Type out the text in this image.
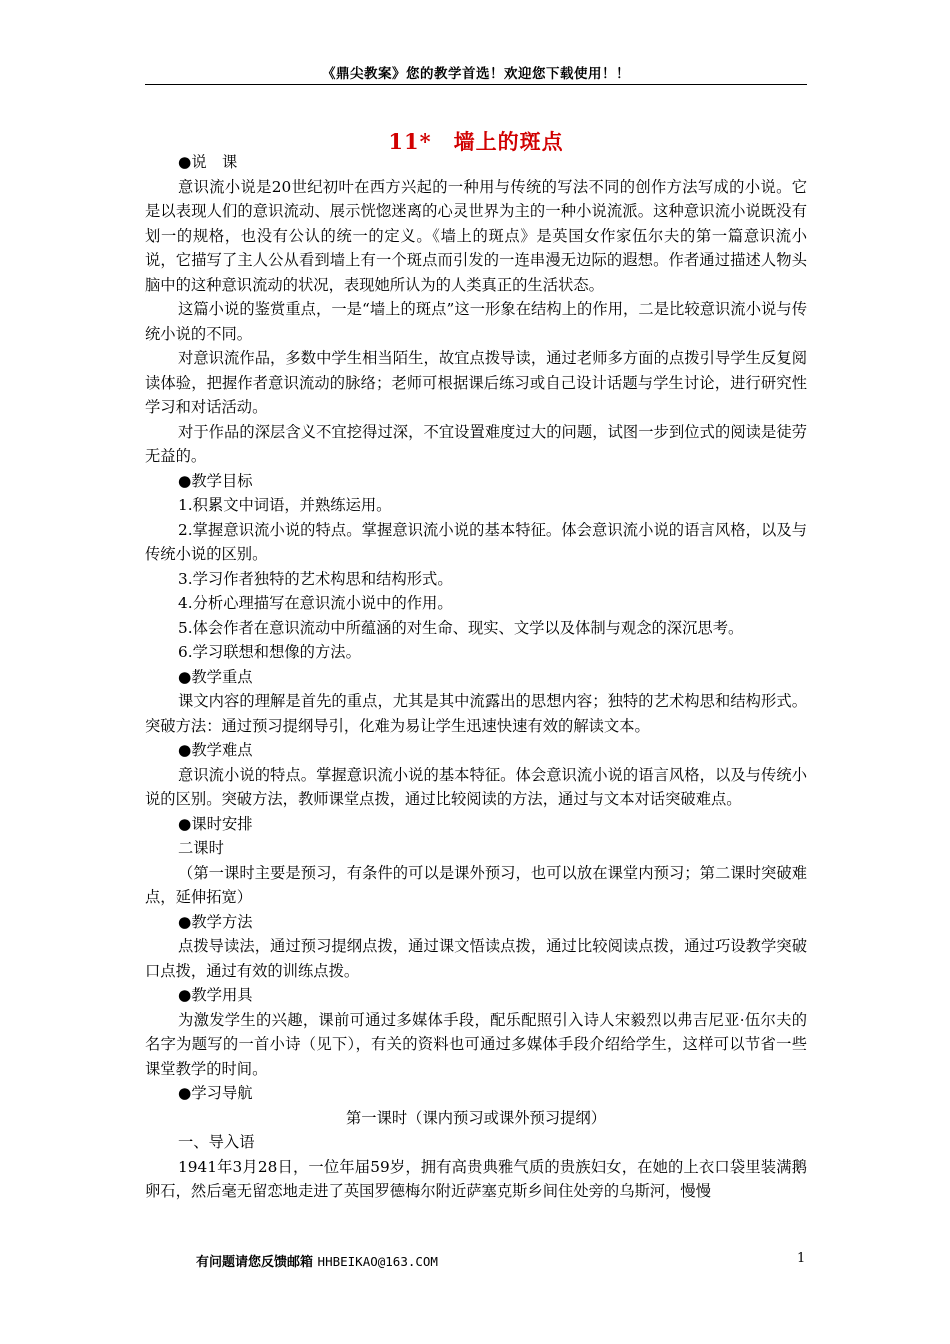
《鼎尖教案》您的教学首选！欢迎您下载使用！！
11*　墙上的斑点

●说　课

意识流小说是20世纪初叶在西方兴起的一种用与传统的写法不同的创作方法写成的小说。它是以表现人们的意识流动、展示恍惚迷离的心灵世界为主的一种小说流派。这种意识流小说既没有划一的规格，也没有公认的统一的定义。《墙上的斑点》是英国女作家伍尔夫的第一篇意识流小说，它描写了主人公从看到墙上有一个斑点而引发的一连串漫无边际的遐想。作者通过描述人物头脑中的这种意识流动的状况，表现她所认为的人类真正的生活状态。

这篇小说的鉴赏重点，一是“墙上的斑点”这一形象在结构上的作用，二是比较意识流小说与传统小说的不同。

对意识流作品，多数中学生相当陌生，故宜点拨导读，通过老师多方面的点拨引导学生反复阅读体验，把握作者意识流动的脉络；老师可根据课后练习或自己设计话题与学生讨论，进行研究性学习和对话活动。

对于作品的深层含义不宜挖得过深，不宜设置难度过大的问题，试图一步到位式的阅读是徒劳无益的。

●教学目标

1.积累文中词语，并熟练运用。

2.掌握意识流小说的特点。掌握意识流小说的基本特征。体会意识流小说的语言风格，以及与传统小说的区别。

3.学习作者独特的艺术构思和结构形式。

4.分析心理描写在意识流小说中的作用。

5.体会作者在意识流动中所蕴涵的对生命、现实、文学以及体制与观念的深沉思考。

6.学习联想和想像的方法。

●教学重点

课文内容的理解是首先的重点，尤其是其中流露出的思想内容；独特的艺术构思和结构形式。突破方法：通过预习提纲导引，化难为易让学生迅速快速有效的解读文本。

●教学难点

意识流小说的特点。掌握意识流小说的基本特征。体会意识流小说的语言风格，以及与传统小说的区别。突破方法，教师课堂点拨，通过比较阅读的方法，通过与文本对话突破难点。

●课时安排

二课时

（第一课时主要是预习，有条件的可以是课外预习，也可以放在课堂内预习；第二课时突破难点，延伸拓宽）

●教学方法

点拨导读法，通过预习提纲点拨，通过课文悟读点拨，通过比较阅读点拨，通过巧设教学突破口点拨，通过有效的训练点拨。

●教学用具

为激发学生的兴趣，课前可通过多媒体手段，配乐配照引入诗人宋毅烈以弗吉尼亚·伍尔夫的名字为题写的一首小诗（见下），有关的资料也可通过多媒体手段介绍给学生，这样可以节省一些课堂教学的时间。

●学习导航

第一课时（课内预习或课外预习提纲）

一、导入语

1941年3月28日，一位年届59岁，拥有高贵典雅气质的贵族妇女，在她的上衣口袋里装满鹅卵石，然后毫无留恋地走进了英国罗德梅尔附近萨塞克斯乡间住处旁的乌斯河，慢慢

有问题请您反馈邮箱 HHBEIKAO@163.COM	1
